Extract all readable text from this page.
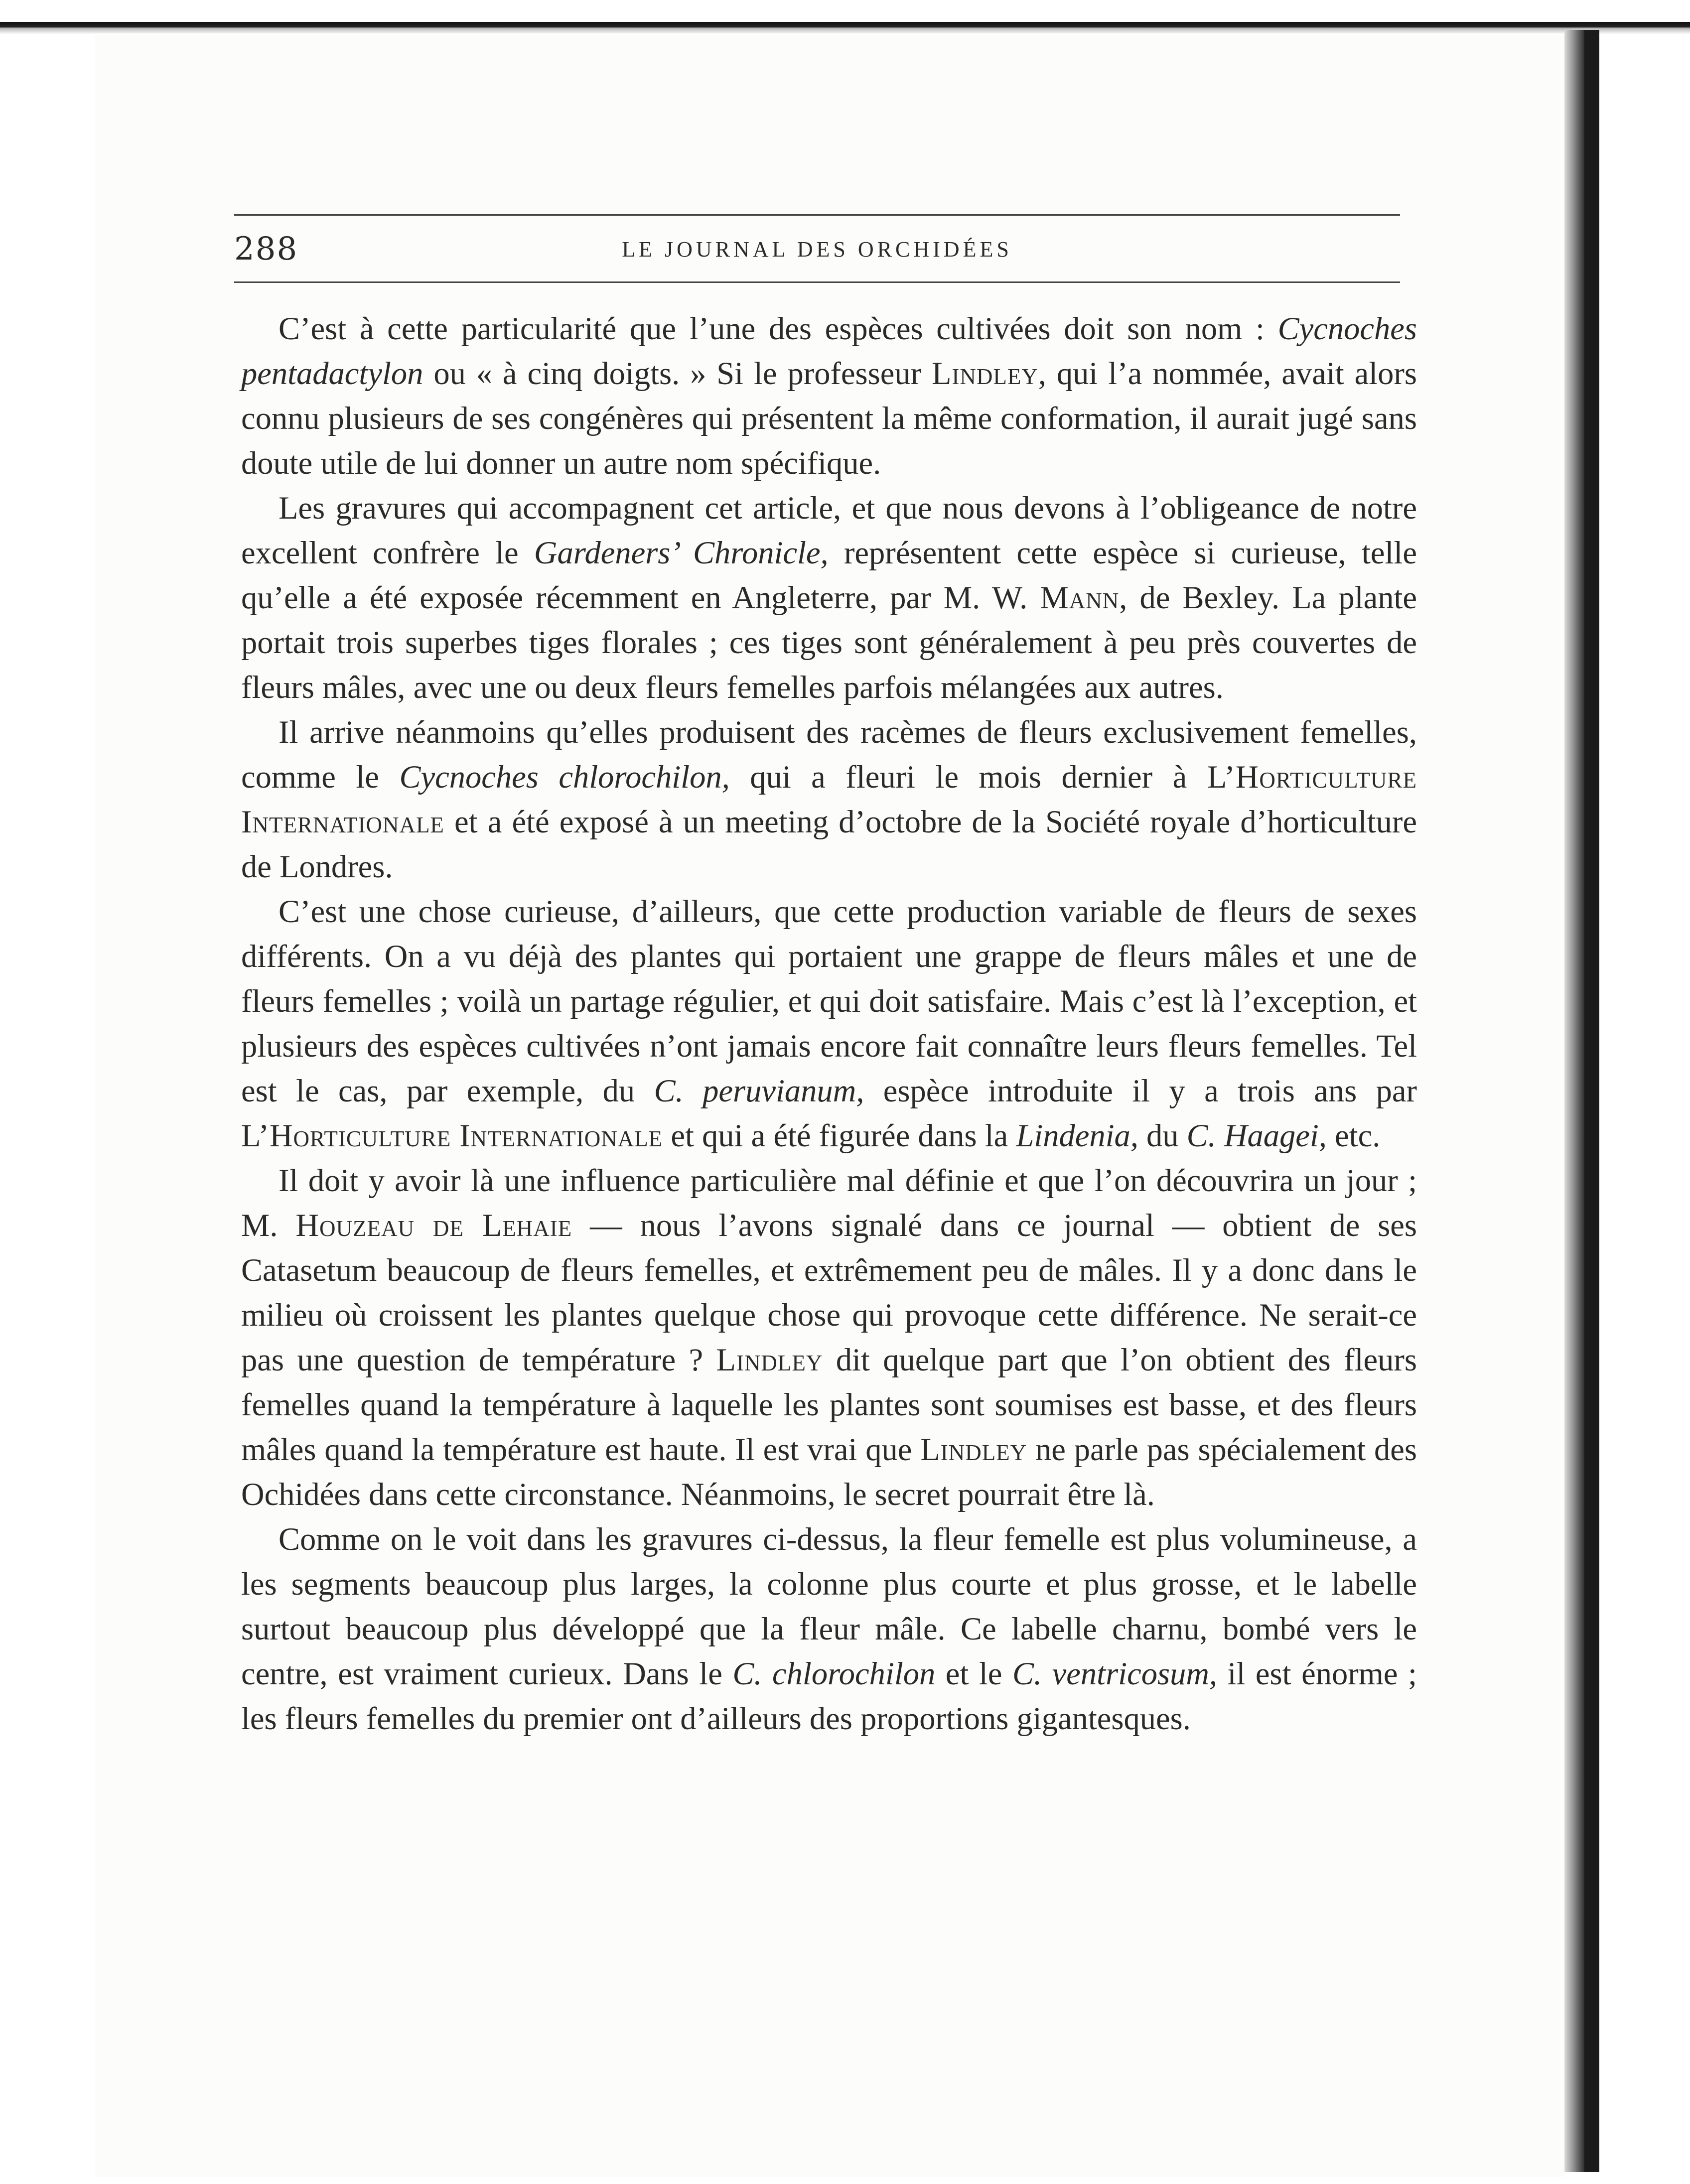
288	LE JOURNAL DES ORCHIDÉES

C’est à cette particularité que l’une des espèces cultivées doit son nom : Cycnoches pentadactylon ou « à cinq doigts. » Si le professeur Lindley, qui l’a nommée, avait alors connu plusieurs de ses congénères qui présentent la même conformation, il aurait jugé sans doute utile de lui donner un autre nom spécifique.

Les gravures qui accompagnent cet article, et que nous devons à l’obligeance de notre excellent confrère le Gardeners’ Chronicle, représentent cette espèce si curieuse, telle qu’elle a été exposée récemment en Angleterre, par M. W. Mann, de Bexley. La plante portait trois superbes tiges florales ; ces tiges sont généralement à peu près couvertes de fleurs mâles, avec une ou deux fleurs femelles parfois mélangées aux autres.

Il arrive néanmoins qu’elles produisent des racèmes de fleurs exclusivement femelles, comme le Cycnoches chlorochilon, qui a fleuri le mois dernier à L’Horticulture Internationale et a été exposé à un meeting d’octobre de la Société royale d’horticulture de Londres.

C’est une chose curieuse, d’ailleurs, que cette production variable de fleurs de sexes différents. On a vu déjà des plantes qui portaient une grappe de fleurs mâles et une de fleurs femelles ; voilà un partage régulier, et qui doit satisfaire. Mais c’est là l’exception, et plusieurs des espèces cultivées n’ont jamais encore fait connaître leurs fleurs femelles. Tel est le cas, par exemple, du C. peruvianum, espèce introduite il y a trois ans par L’Horticulture Internationale et qui a été figurée dans la Lindenia, du C. Haagei, etc.

Il doit y avoir là une influence particulière mal définie et que l’on découvrira un jour ; M. Houzeau de Lehaie — nous l’avons signalé dans ce journal — obtient de ses Catasetum beaucoup de fleurs femelles, et extrêmement peu de mâles. Il y a donc dans le milieu où croissent les plantes quelque chose qui provoque cette différence. Ne serait-ce pas une question de température ? Lindley dit quelque part que l’on obtient des fleurs femelles quand la température à laquelle les plantes sont soumises est basse, et des fleurs mâles quand la température est haute. Il est vrai que Lindley ne parle pas spécialement des Ochidées dans cette circonstance. Néanmoins, le secret pourrait être là.

Comme on le voit dans les gravures ci-dessus, la fleur femelle est plus volumineuse, a les segments beaucoup plus larges, la colonne plus courte et plus grosse, et le labelle surtout beaucoup plus développé que la fleur mâle. Ce labelle charnu, bombé vers le centre, est vraiment curieux. Dans le C. chlorochilon et le C. ventricosum, il est énorme ; les fleurs femelles du premier ont d’ailleurs des proportions gigantesques.
